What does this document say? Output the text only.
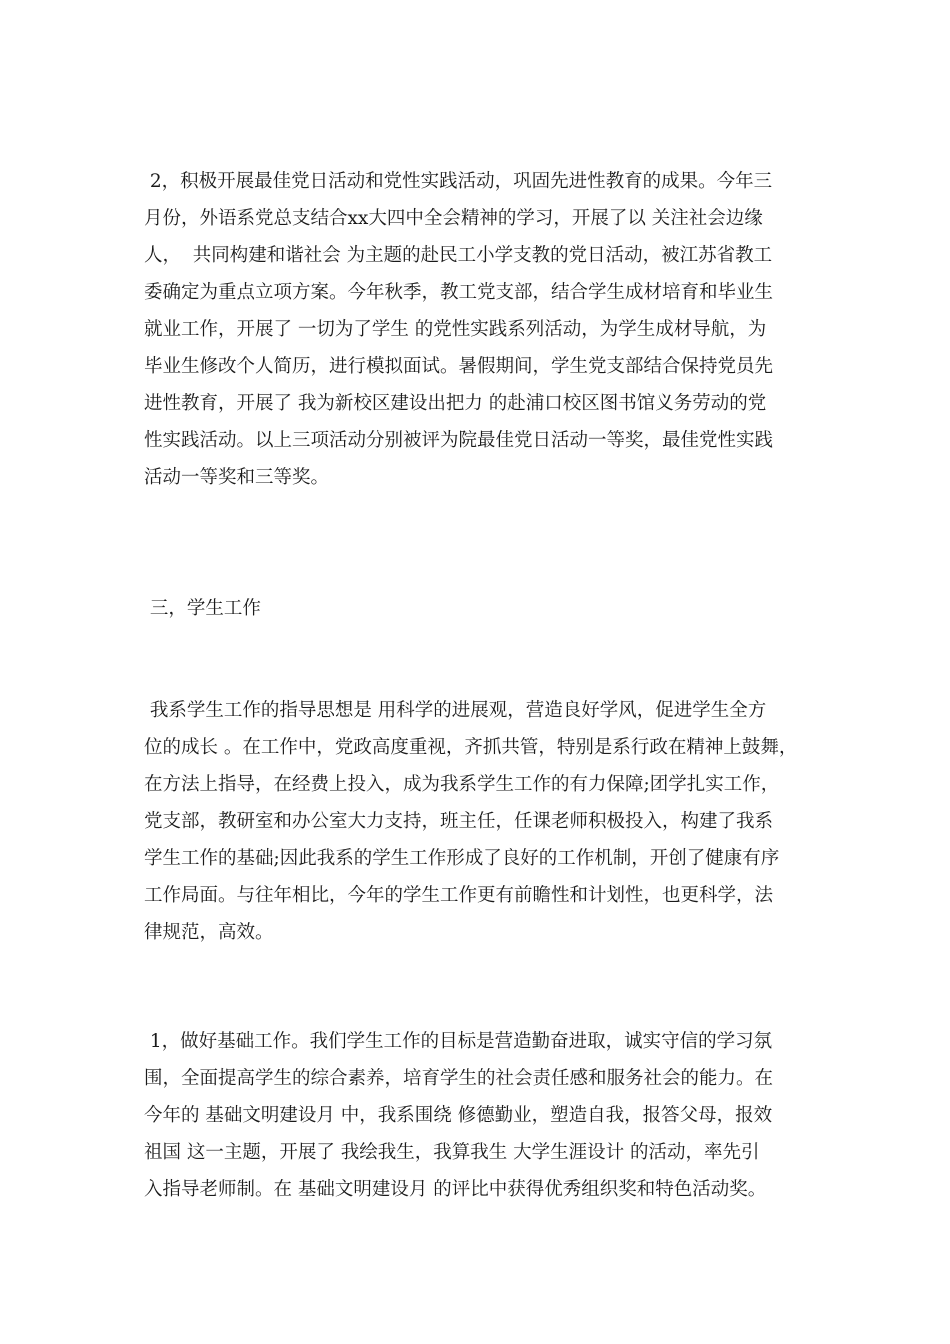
2，积极开展最佳党日活动和党性实践活动，巩固先进性教育的成果。今年三
月份，外语系党总支结合xx大四中全会精神的学习，开展了以 关注社会边缘
人，  共同构建和谐社会 为主题的赴民工小学支教的党日活动，被江苏省教工
委确定为重点立项方案。今年秋季，教工党支部，结合学生成材培育和毕业生
就业工作，开展了 一切为了学生 的党性实践系列活动，为学生成材导航，为
毕业生修改个人简历，进行模拟面试。暑假期间，学生党支部结合保持党员先
进性教育，开展了 我为新校区建设出把力 的赴浦口校区图书馆义务劳动的党
性实践活动。以上三项活动分别被评为院最佳党日活动一等奖，最佳党性实践
活动一等奖和三等奖。
三，学生工作
我系学生工作的指导思想是 用科学的进展观，营造良好学风，促进学生全方
位的成长 。在工作中，党政高度重视，齐抓共管，特别是系行政在精神上鼓舞，
在方法上指导，在经费上投入，成为我系学生工作的有力保障;团学扎实工作，
党支部，教研室和办公室大力支持，班主任，任课老师积极投入，构建了我系
学生工作的基础;因此我系的学生工作形成了良好的工作机制，开创了健康有序
工作局面。与往年相比，今年的学生工作更有前瞻性和计划性，也更科学，法
律规范，高效。
1，做好基础工作。我们学生工作的目标是营造勤奋进取，诚实守信的学习氛
围，全面提高学生的综合素养，培育学生的社会责任感和服务社会的能力。在
今年的 基础文明建设月 中，我系围绕 修德勤业，塑造自我，报答父母，报效
祖国 这一主题，开展了 我绘我生，我算我生 大学生涯设计 的活动，率先引
入指导老师制。在 基础文明建设月 的评比中获得优秀组织奖和特色活动奖。
